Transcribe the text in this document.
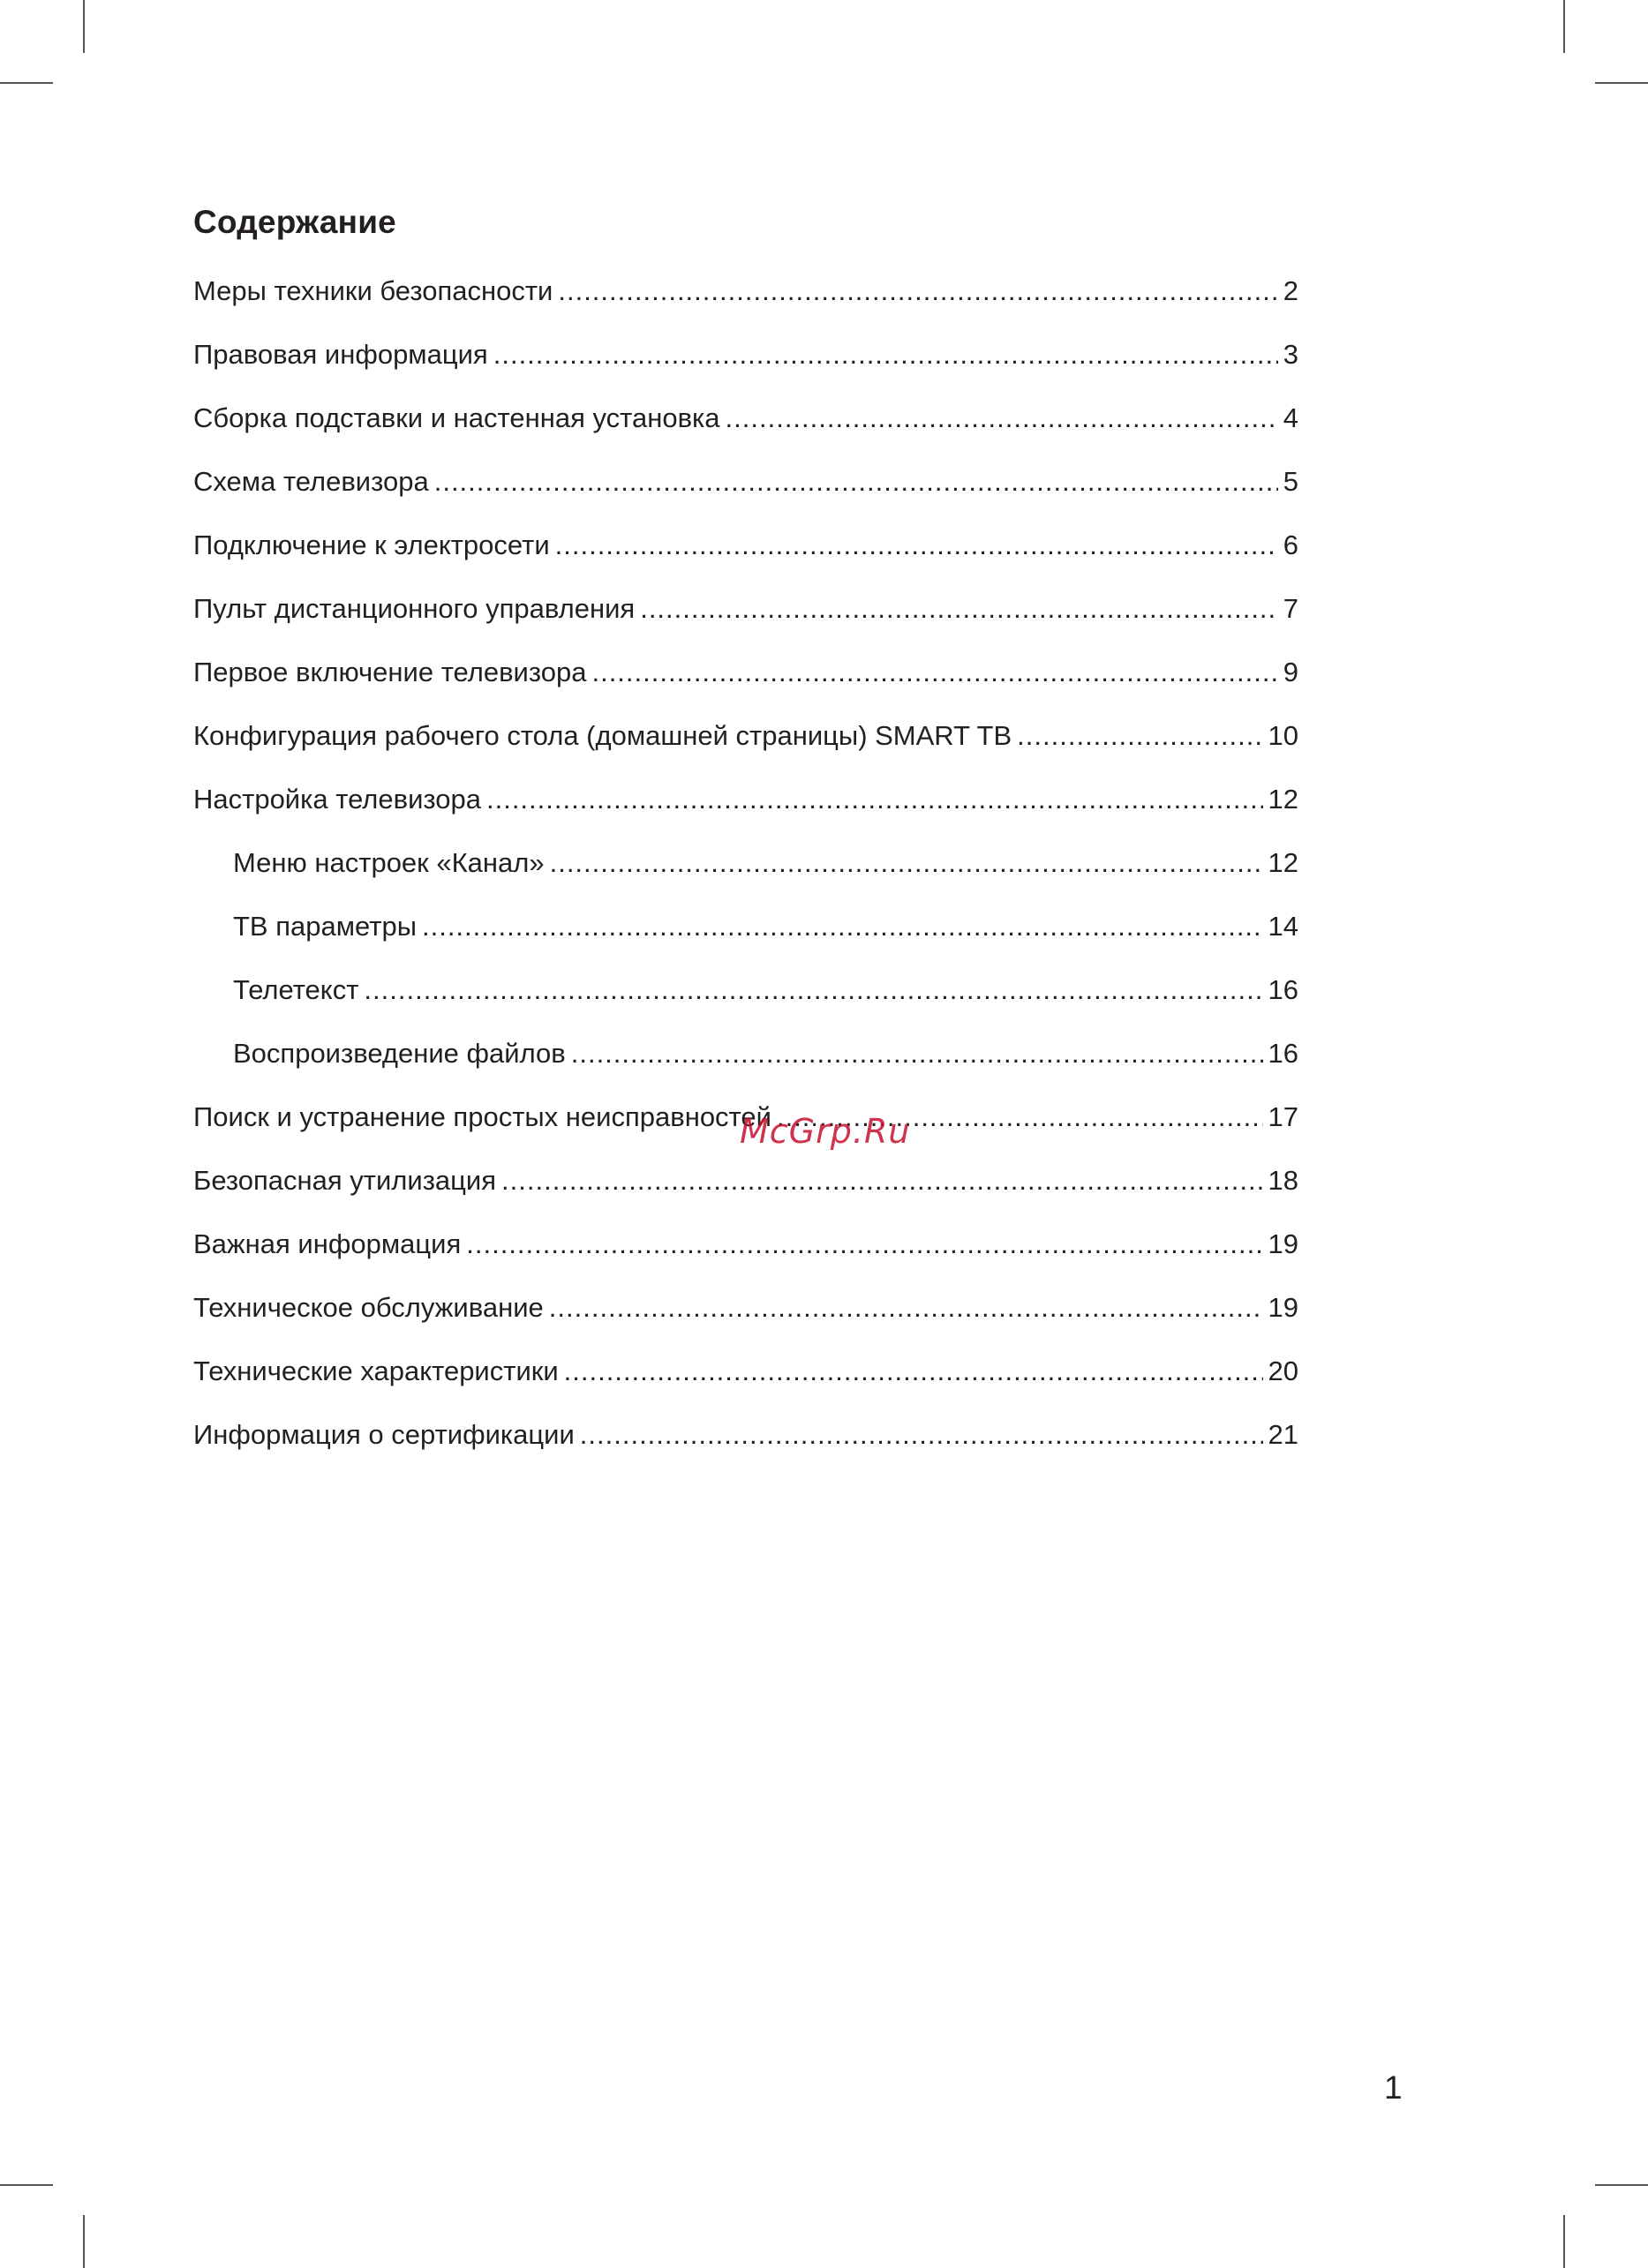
Содержание
Меры техники безопасности .....	2
Правовая информация .....	3
Сборка подставки и настенная установка .....	4
Схема телевизора .....	5
Подключение к электросети .....	6
Пульт дистанционного управления .....	7
Первое включение телевизора .....	9
Конфигурация рабочего стола (домашней страницы) SMART TB .....	10
Настройка телевизора .....	12
Меню настроек «Канал» .....	12
ТВ параметры .....	14
Телетекст .....	16
Воспроизведение файлов .....	16
Поиск и устранение простых неисправностей .....	17
Безопасная утилизация .....	18
Важная информация .....	19
Техническое обслуживание .....	19
Технические характеристики .....	20
Информация о сертификации .....	21
McGrp.Ru
1
